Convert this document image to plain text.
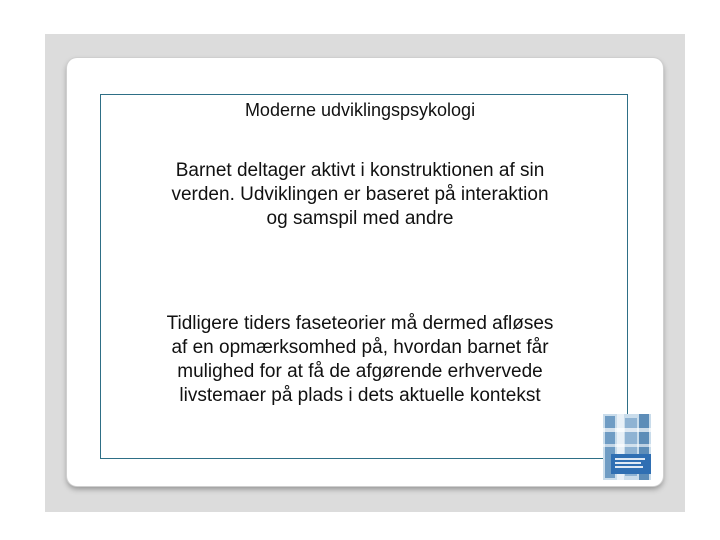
Moderne udviklingspsykologi
Barnet deltager aktivt i konstruktionen af sin
verden. Udviklingen er baseret på interaktion
og samspil med andre
Tidligere tiders faseteorier må dermed afløses
af en opmærksomhed på, hvordan barnet får
mulighed for at få de afgørende erhvervede
livstemaer på plads i dets aktuelle kontekst
